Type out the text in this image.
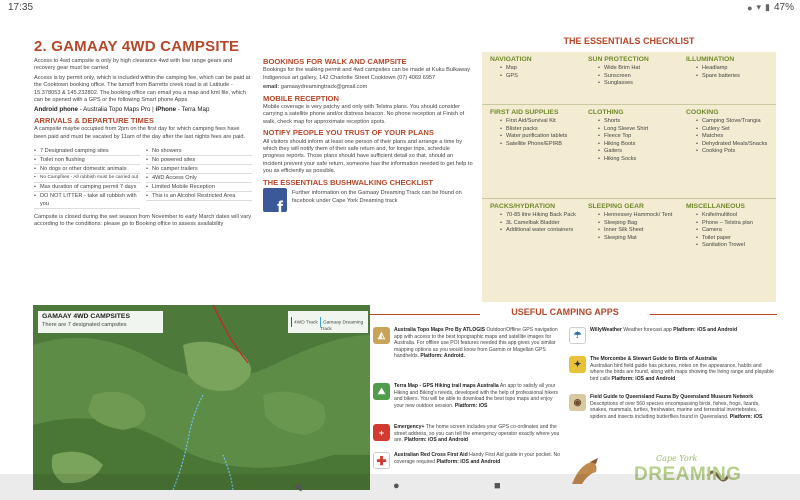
17:35	● ▾ ▮ 47%
2. GAMAAY 4WD CAMPSITE

Access to 4wd campsite is only by high clearance 4wd with low range gears and recovery gear must be carried

Access is by permit only, which is included within the camping fee, which can be paid at the Cooktown booking office. The turnoff from Barretts creek road is at Latitude - 15.378053 & 145.232802. The booking office can email you a map and kml file, which can be opened with a GPS or the following Smart phone Apps

Android phone - Australia Topo Maps Pro | iPhone - Terra Map

ARRIVALS & DEPARTURE TIMES

A campsite maybe occupied from 2pm on the first day for which camping fees have been paid and must be vacated by 11am of the day after the last nights fees are paid.

• 7 Designated camping sites
• Toilet non flushing
• No dogs or other domestic animals
• No Campfires - All rubbish must be carried out
• Max duration of camping permit 7 days
• DO NOT LITTER - take all rubbish with you
• No showers
• No powered sites
• No camper trailers
• 4WD Access Only
• Limited Mobile Reception
• This is an Alcohol Restricted Area

Campsite is closed during the wet season from November to early March dates will vary according to the conditions: please go to Booking office to assess availability

BOOKINGS FOR WALK AND CAMPSITE

Bookings for the walking permit and 4wd campsites can be made at Kuku Bulkaway Indigenous art gallery, 142 Charlotte Street Cooktown (07) 4069 6957

email: gamaaydreamingtrack@gmail.com

MOBILE RECEPTION

Mobile coverage is very patchy and only with Telstra plans. You should consider carrying a satellite phone and/or distress beacon. No phone reception at Finish of walk, check map for approximate reception spots.

NOTIFY PEOPLE YOU TRUST OF YOUR PLANS

All visitors should inform at least one person of their plans and arrange a time by which they will notify them of their safe return and, for longer trips, schedule progress reports. Those plans should have sufficient detail so that, should an incident prevent your safe return, someone has the information needed to get help to you as efficiently as possible.

THE ESSENTIALS BUSHWALKING CHECKLIST
f

Further information on the Gamaay Dreaming Track can be found on facebook under Cape York Dreaming track

THE ESSENTIALS CHECKLIST
NAVIGATION
• Map
• GPS
SUN PROTECTION
• Wide Brim Hat
• Sunscreen
• Sunglasses
ILLUMINATION
• Headlamp
• Spare batteries
FIRST AID SUPPLIES
• First Aid/Survival Kit
• Blister packs
• Water purification tablets
• Satellite Phone/EPIRB
CLOTHING
• Shorts
• Long Sleeve Shirt
• Fleece Top
• Hiking Boots
• Gaiters
• Hiking Socks
COOKING
• Camping Stove/Trangia
• Cutlery Set
• Matches
• Dehydrated Meals/Snacks
• Cooking Pots
PACKS/HYDRATION
• 70-85 litre Hiking Back Pack
• 3L Camelbak Bladder
• Additional water containers
SLEEPING GEAR
• Hennessey Hammock/ Tent
• Sleeping Bag
• Inner Silk Sheet
• Sleeping Mat
MISCELLANEOUS
• Knife/multitool
• Phone – Telstra plan
• Camera
• Toilet paper
• Sanitation Trowel
GAMAAY 4WD CAMPSITES
There are 7 designated campsites	4WD Track	Gamaay Dreaming Track
USEFUL CAMPING APPS
◭	Australia Topo Maps Pro By ATLOGIS Outdoor/Offline GPS navigation app with access to the best topographic maps and satellite images for Australia. For offline use POI features needed this app gives you similar mapping options as you would know from Garmin or Magellan GPS handhelds. Platform: Android.
⛰	Terra Map - GPS Hiking trail maps Australia An app to satisfy all your Hiking and Biking's needs, developed with the help of professional hikers and bikers. You will be able to download the best topo maps and enjoy your new outdoor session. Platform: iOS
+
Emergency+ The home screen includes your GPS co-ordinates and the street address, so you can tell the emergency operator exactly where you are. Platform: iOS and Android
✚	Australian Red Cross First Aid Handy First Aid guide in your pocket. No coverage required Platform: iOS and Android
☂	WillyWeather Weather forecast app Platform: iOS and Android
✦	The Morcombe & Stewart Guide to Birds of Australia
Australian bird field guide has pictures, notes on the appearance, habits and where the birds are found, along with maps showing the living range and playable bird calls Platform: iOS and Android
◉	Field Guide to Queensland Fauna By Queensland Museum Network
Descriptions of over 560 species encompassing birds, fishes, frogs, lizards, snakes, mammals, turtles, freshwater, marine and terrestrial invertebrates, spiders and insects including butterflies found in Queensland. Platform: iOS
Cape York
DREAMING
◀	●	■
